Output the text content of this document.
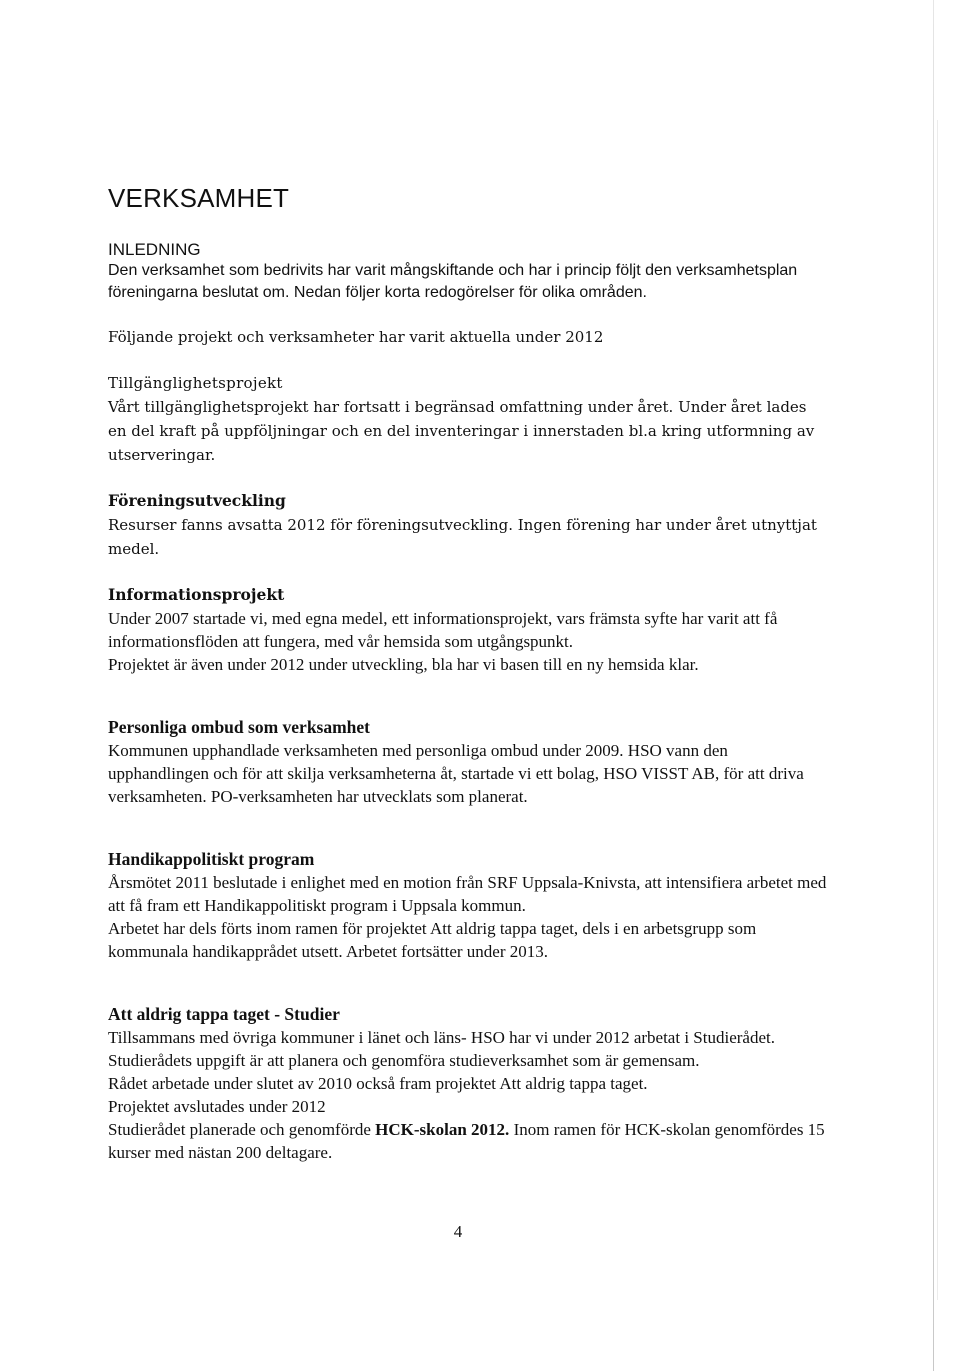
VERKSAMHET
INLEDNING

Den verksamhet som bedrivits har varit mångskiftande och har i princip följt den verksamhetsplan föreningarna beslutat om. Nedan följer korta redogörelser för olika områden.

Följande projekt och verksamheter har varit aktuella under 2012

Tillgänglighetsprojekt

Vårt tillgänglighetsprojekt har fortsatt i begränsad omfattning under året. Under året lades en del kraft på uppföljningar och en del inventeringar i innerstaden bl.a kring utformning av utserveringar.

Föreningsutveckling

Resurser fanns avsatta 2012 för föreningsutveckling. Ingen förening har under året utnyttjat medel.

Informationsprojekt

Under 2007 startade vi, med egna medel, ett informationsprojekt, vars främsta syfte har varit att få informationsflöden att fungera, med vår hemsida som utgångspunkt.

Projektet är även under 2012 under utveckling, bla har vi basen till en ny hemsida klar.

Personliga ombud som verksamhet

Kommunen upphandlade verksamheten med personliga ombud under 2009. HSO vann den upphandlingen och för att skilja verksamheterna åt, startade vi ett bolag, HSO VISST AB, för att driva verksamheten. PO-verksamheten har utvecklats som planerat.

Handikappolitiskt program

Årsmötet 2011 beslutade i enlighet med en motion från SRF Uppsala-Knivsta, att intensifiera arbetet med att få fram ett Handikappolitiskt program i Uppsala kommun.

Arbetet har dels förts inom ramen för projektet Att aldrig tappa taget, dels i en arbetsgrupp som kommunala handikapprådet utsett. Arbetet fortsätter under 2013.

Att aldrig tappa taget - Studier

Tillsammans med övriga kommuner i länet och läns- HSO har vi under 2012 arbetat i Studierådet.

Studierådets uppgift är att planera och genomföra studieverksamhet som är gemensam.

Rådet arbetade under slutet av 2010 också fram projektet Att aldrig tappa taget.

Projektet avslutades under 2012

Studierådet planerade och genomförde HCK-skolan 2012. Inom ramen för HCK-skolan genomfördes 15 kurser med nästan 200 deltagare.

4
